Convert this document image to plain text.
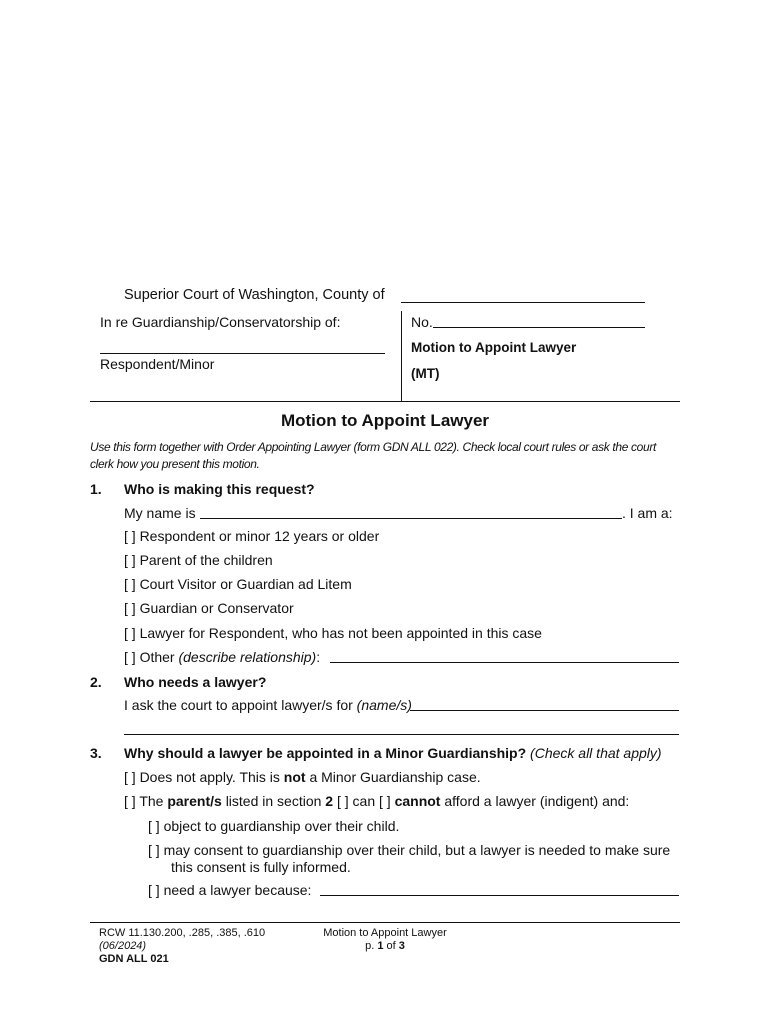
Superior Court of Washington, County of
In re Guardianship/Conservatorship of:
Respondent/Minor
No.
Motion to Appoint Lawyer
(MT)
Motion to Appoint Lawyer
Use this form together with Order Appointing Lawyer (form GDN ALL 022). Check local court rules or ask the court
clerk how you present this motion.
1. Who is making this request?
My name is	. I am a:
[ ] Respondent or minor 12 years or older
[ ] Parent of the children
[ ] Court Visitor or Guardian ad Litem
[ ] Guardian or Conservator
[ ] Lawyer for Respondent, who has not been appointed in this case
[ ] Other (describe relationship):
2. Who needs a lawyer?
I ask the court to appoint lawyer/s for (name/s)
3. Why should a lawyer be appointed in a Minor Guardianship? (Check all that apply)
[ ] Does not apply. This is not a Minor Guardianship case.
[ ] The parent/s listed in section 2 [ ] can [ ] cannot afford a lawyer (indigent) and:
[ ] object to guardianship over their child.
[ ] may consent to guardianship over their child, but a lawyer is needed to make sure
this consent is fully informed.
[ ] need a lawyer because:
RCW 11.130.200, .285, .385, .610
(06/2024)
GDN ALL 021
Motion to Appoint Lawyer
p. 1 of 3
